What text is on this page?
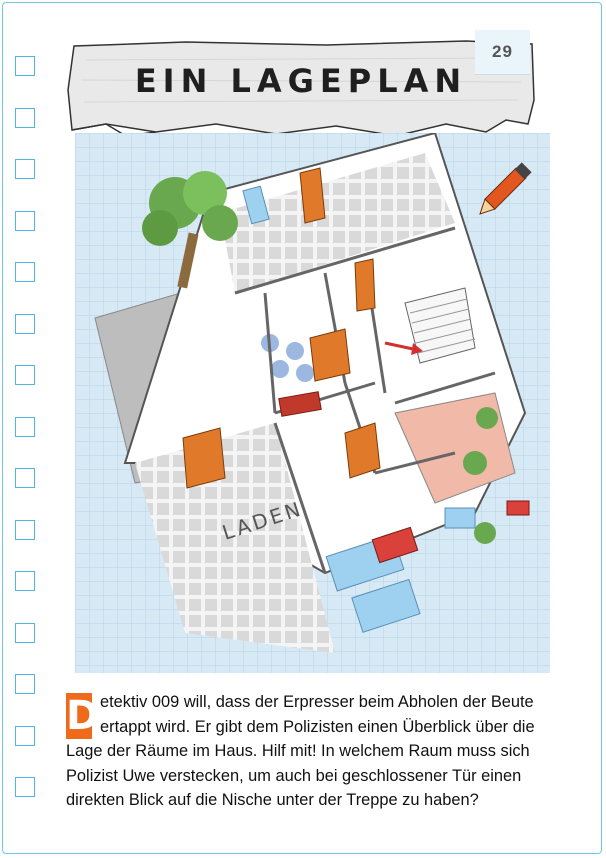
EIN LAGEPLAN
29
LADEN
D etektiv 009 will, dass der Erpresser beim Abholen der Beute ertappt wird. Er gibt dem Polizisten einen Überblick über die Lage der Räume im Haus. Hilf mit! In welchem Raum muss sich Polizist Uwe verstecken, um auch bei geschlossener Tür einen direkten Blick auf die Nische unter der Treppe zu haben?
